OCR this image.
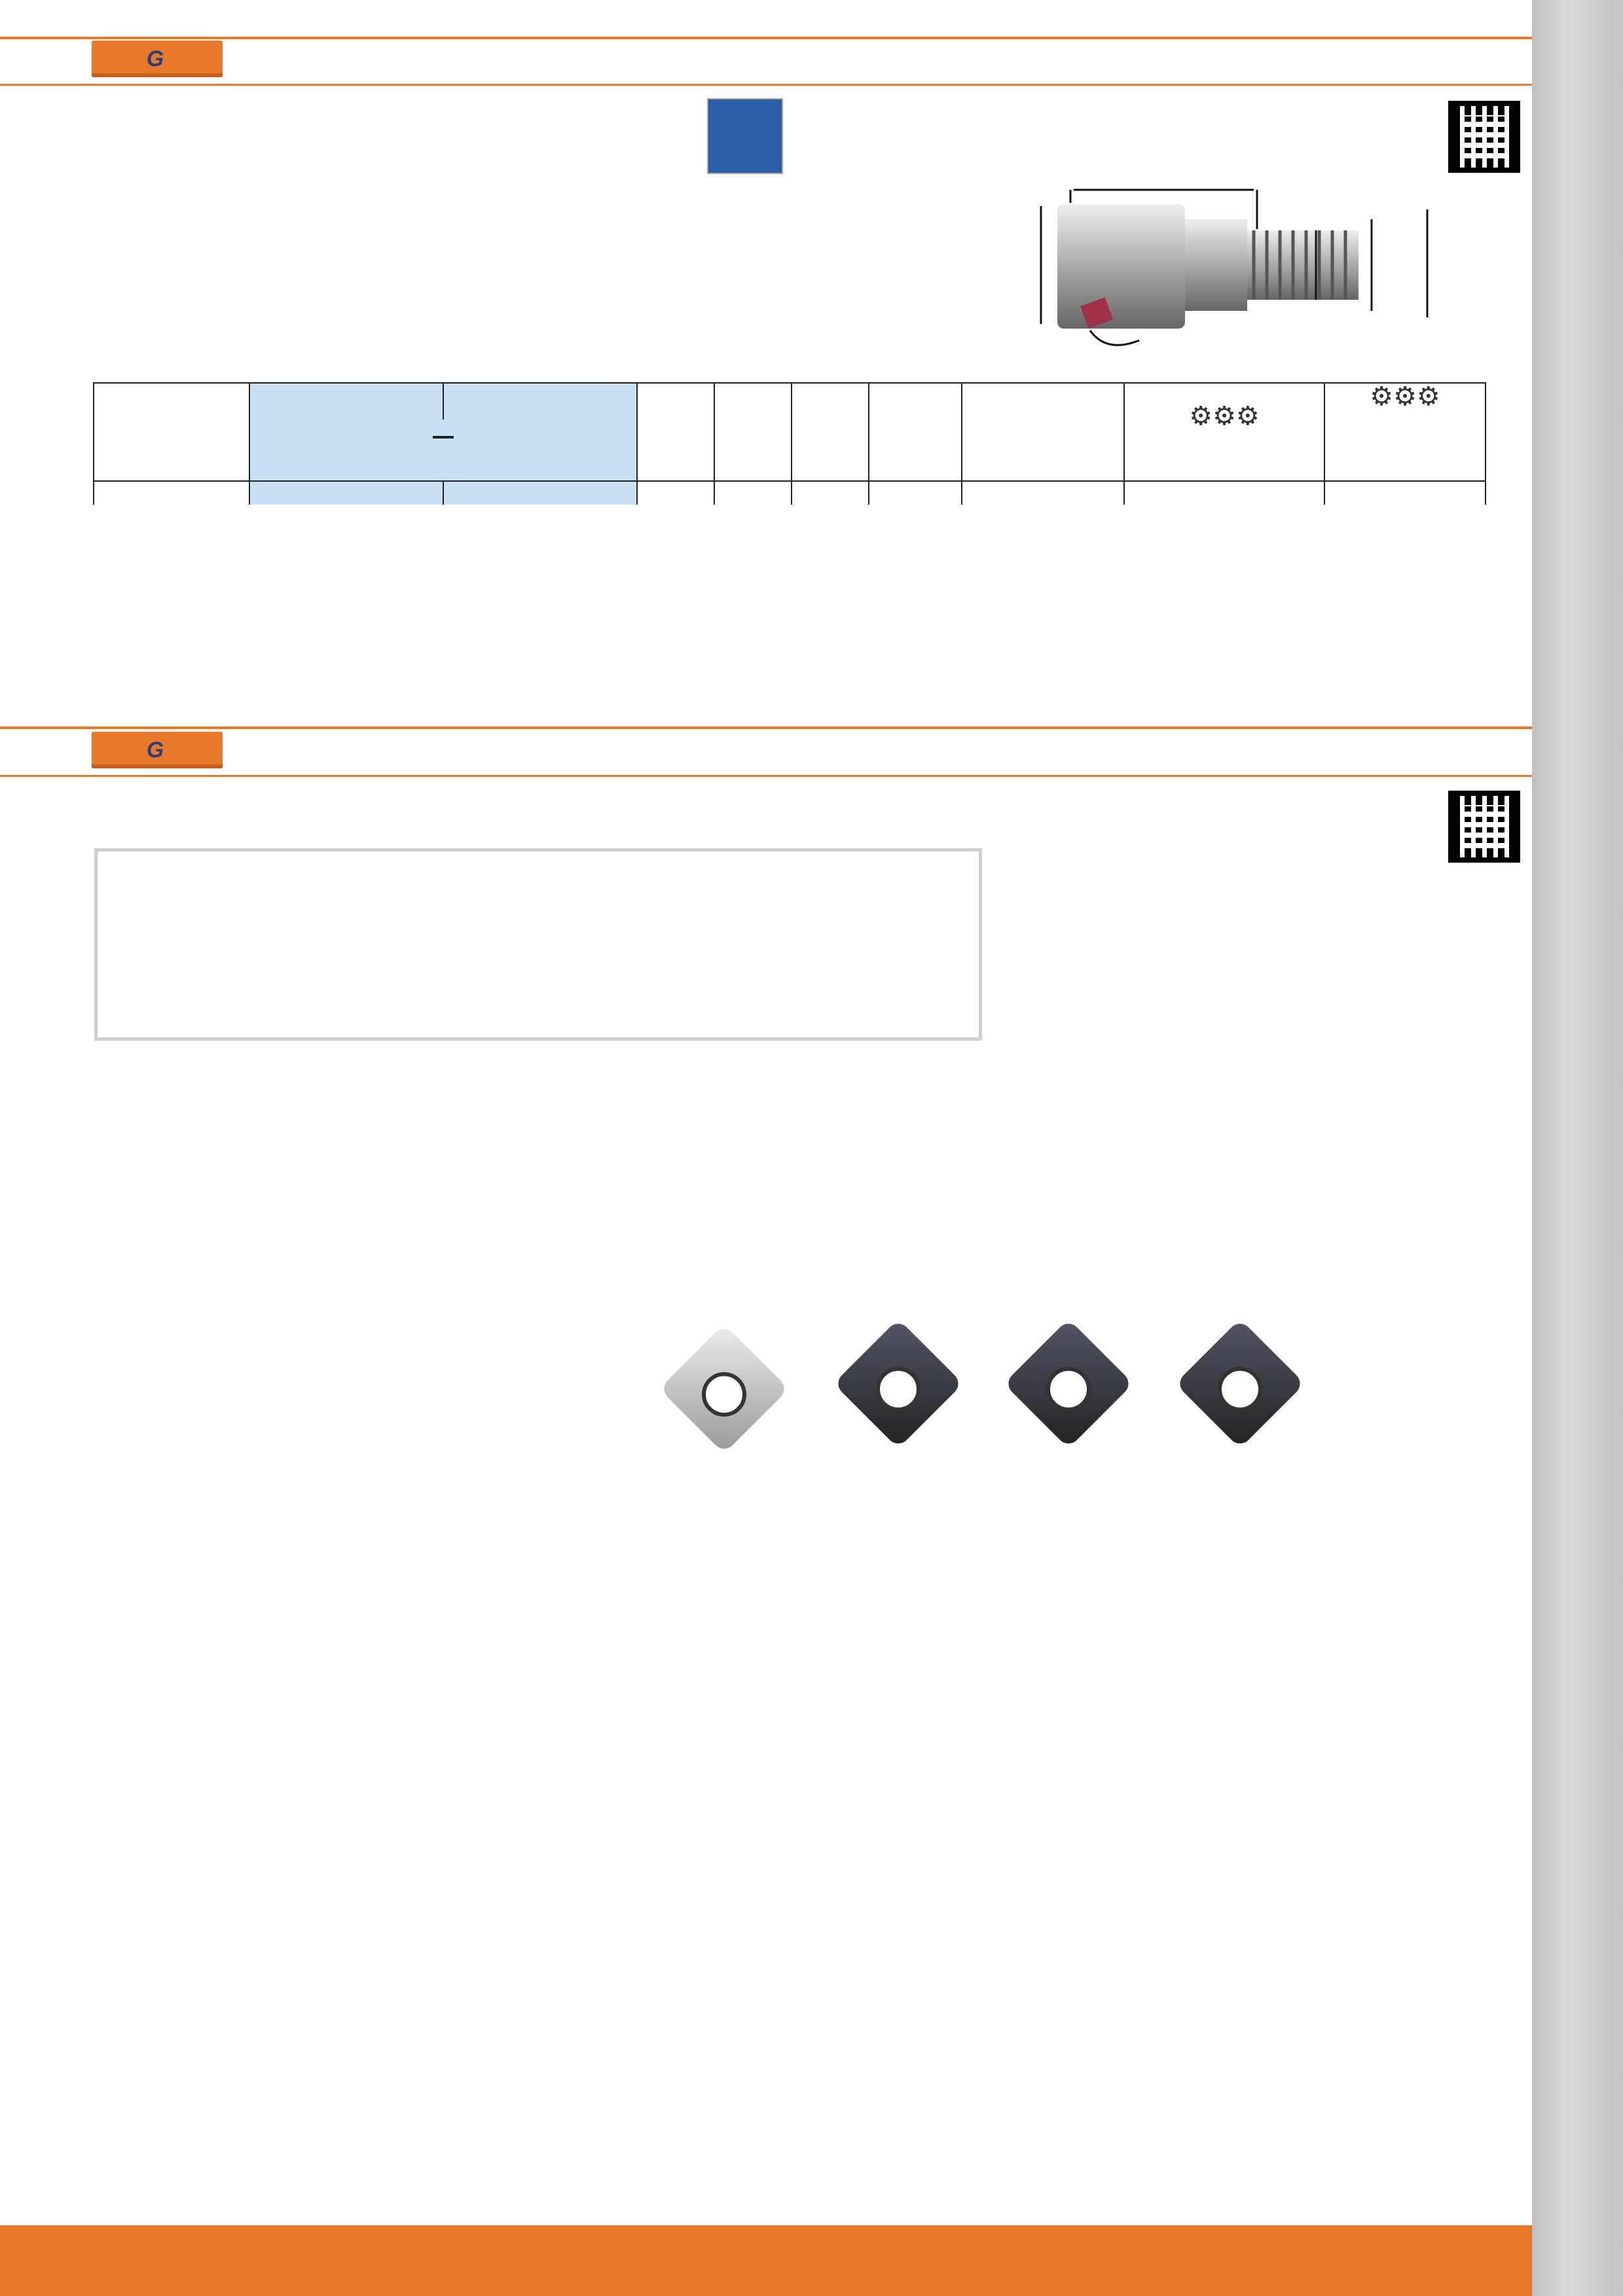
G

								⚙⚙⚙	⚙⚙⚙

G
